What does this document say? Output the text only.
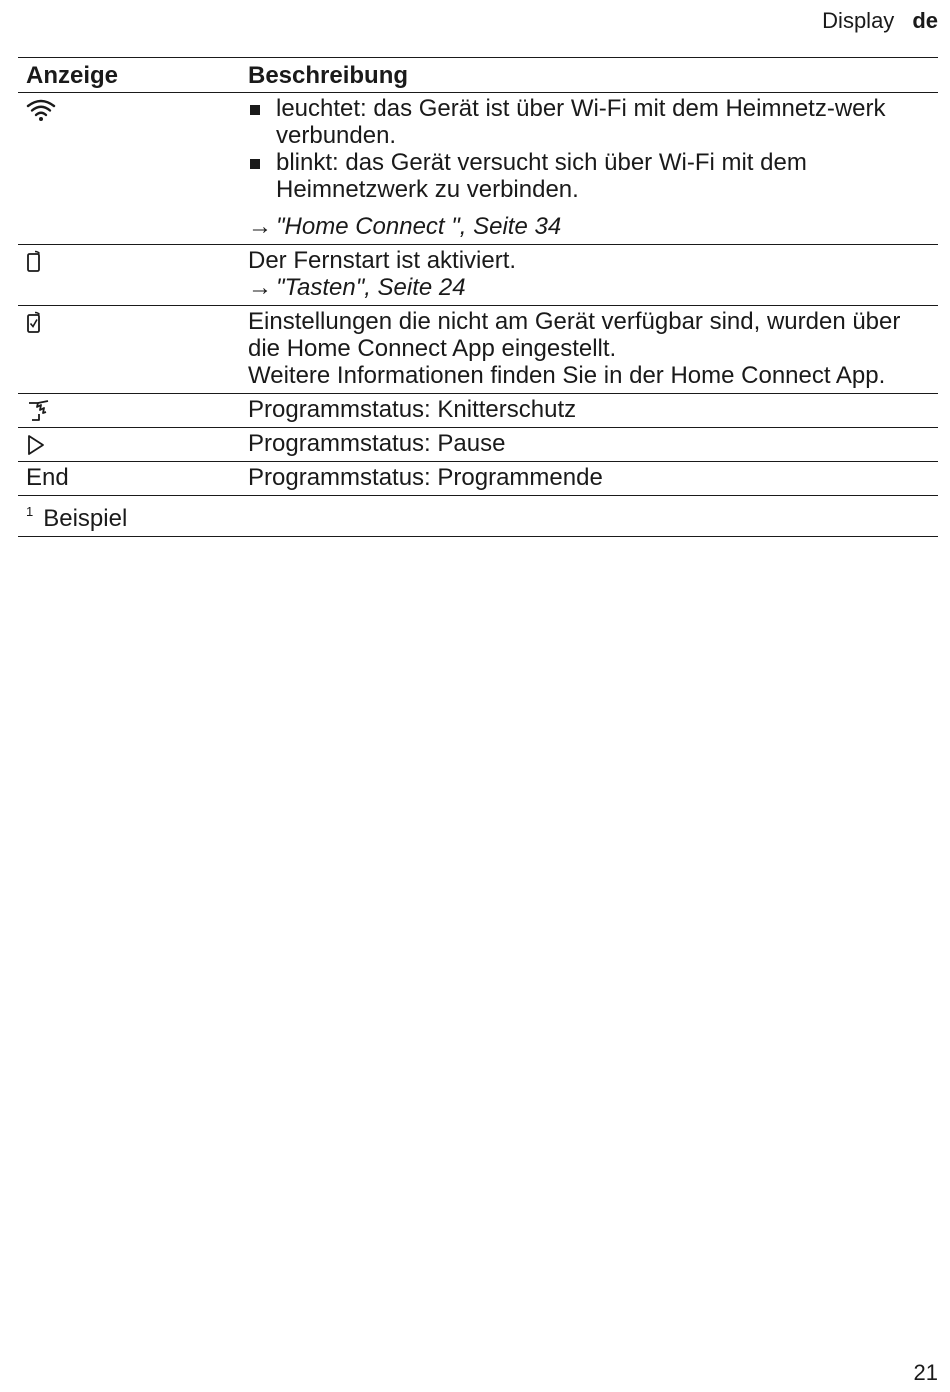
Display de
Anzeige	Beschreibung
leuchtet: das Gerät ist über Wi-Fi mit dem Heimnetz-werk verbunden.
blinkt: das Gerät versucht sich über Wi-Fi mit dem Heimnetzwerk zu verbinden.
→ "Home Connect ", Seite 34
Der Fernstart ist aktiviert.
→ "Tasten", Seite 24
Einstellungen die nicht am Gerät verfügbar sind, wurden über die Home Connect App eingestellt.
Weitere Informationen finden Sie in der Home Connect App.
Programmstatus: Knitterschutz
Programmstatus: Pause
End	Programmstatus: Programmende
$^1$ Beispiel
21
